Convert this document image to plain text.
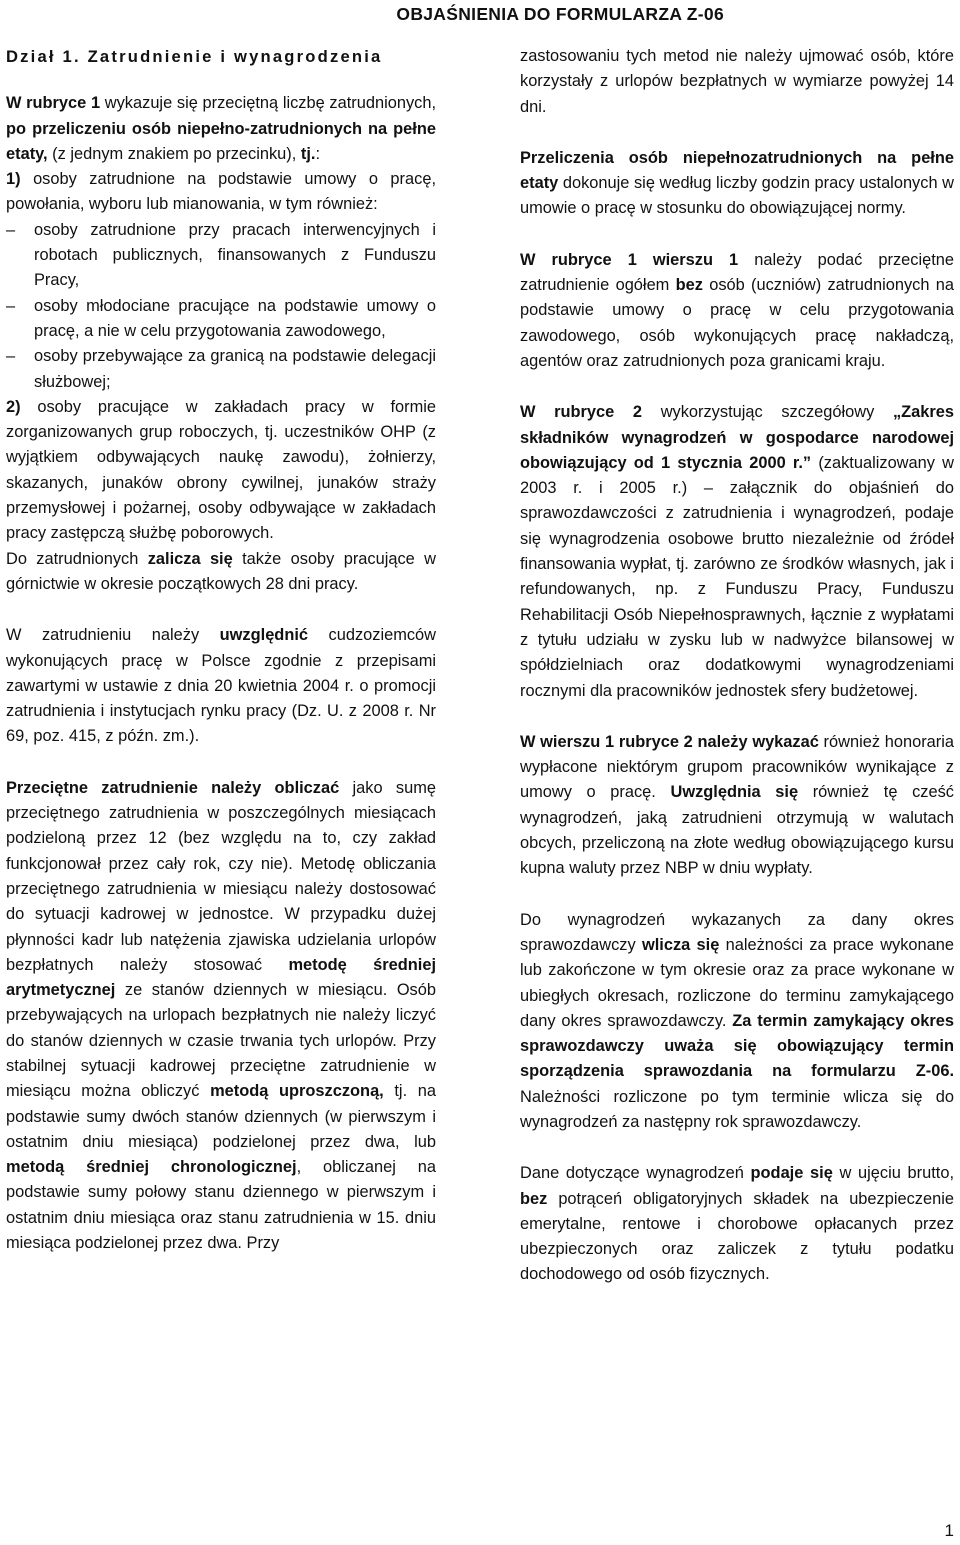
OBJAŚNIENIA DO FORMULARZA Z-06
Dział 1. Zatrudnienie i wynagrodzenia

W rubryce 1 wykazuje się przeciętną liczbę zatrudnionych, po przeliczeniu osób niepełno-zatrudnionych na pełne etaty, (z jednym znakiem po przecinku), tj.:

1) osoby zatrudnione na podstawie umowy o pracę, powołania, wyboru lub mianowania, w tym również:

– osoby zatrudnione przy pracach interwencyjnych i robotach publicznych, finansowanych z Funduszu Pracy,

– osoby młodociane pracujące na podstawie umowy o pracę, a nie w celu przygotowania zawodowego,

– osoby przebywające za granicą na podstawie delegacji służbowej;

2) osoby pracujące w zakładach pracy w formie zorganizowanych grup roboczych, tj. uczestników OHP (z wyjątkiem odbywających naukę zawodu), żołnierzy, skazanych, junaków obrony cywilnej, junaków straży przemysłowej i pożarnej, osoby odbywające w zakładach pracy zastępczą służbę poborowych.

Do zatrudnionych zalicza się także osoby pracujące w górnictwie w okresie początkowych 28 dni pracy.

W zatrudnieniu należy uwzględnić cudzoziemców wykonujących pracę w Polsce zgodnie z przepisami zawartymi w ustawie z dnia 20 kwietnia 2004 r. o promocji zatrudnienia i instytucjach rynku pracy (Dz. U. z 2008 r. Nr 69, poz. 415, z późn. zm.).

Przeciętne zatrudnienie należy obliczać jako sumę przeciętnego zatrudnienia w poszczególnych miesiącach podzieloną przez 12 (bez względu na to, czy zakład funkcjonował przez cały rok, czy nie). Metodę obliczania przeciętnego zatrudnienia w miesiącu należy dostosować do sytuacji kadrowej w jednostce. W przypadku dużej płynności kadr lub natężenia zjawiska udzielania urlopów bezpłatnych należy stosować metodę średniej arytmetycznej ze stanów dziennych w miesiącu. Osób przebywających na urlopach bezpłatnych nie należy liczyć do stanów dziennych w czasie trwania tych urlopów. Przy stabilnej sytuacji kadrowej przeciętne zatrudnienie w miesiącu można obliczyć metodą uproszczoną, tj. na podstawie sumy dwóch stanów dziennych (w pierwszym i ostatnim dniu miesiąca) podzielonej przez dwa, lub metodą średniej chronologicznej, obliczanej na podstawie sumy połowy stanu dziennego w pierwszym i ostatnim dniu miesiąca oraz stanu zatrudnienia w 15. dniu miesiąca podzielonej przez dwa. Przy

zastosowaniu tych metod nie należy ujmować osób, które korzystały z urlopów bezpłatnych w wymiarze powyżej 14 dni.

Przeliczenia osób niepełnozatrudnionych na pełne etaty dokonuje się według liczby godzin pracy ustalonych w umowie o pracę w stosunku do obowiązującej normy.

W rubryce 1 wierszu 1 należy podać przeciętne zatrudnienie ogółem bez osób (uczniów) zatrudnionych na podstawie umowy o pracę w celu przygotowania zawodowego, osób wykonujących pracę nakładczą, agentów oraz zatrudnionych poza granicami kraju.

W rubryce 2 wykorzystując szczegółowy „Zakres składników wynagrodzeń w gospodarce narodowej obowiązujący od 1 stycznia 2000 r.” (zaktualizowany w 2003 r. i 2005 r.) – załącznik do objaśnień do sprawozdawczości z zatrudnienia i wynagrodzeń, podaje się wynagrodzenia osobowe brutto niezależnie od źródeł finansowania wypłat, tj. zarówno ze środków własnych, jak i refundowanych, np. z Funduszu Pracy, Funduszu Rehabilitacji Osób Niepełnosprawnych, łącznie z wypłatami z tytułu udziału w zysku lub w nadwyżce bilansowej w spółdzielniach oraz dodatkowymi wynagrodzeniami rocznymi dla pracowników jednostek sfery budżetowej.

W wierszu 1 rubryce 2 należy wykazać również honoraria wypłacone niektórym grupom pracowników wynikające z umowy o pracę. Uwzględnia się również tę cześć wynagrodzeń, jaką zatrudnieni otrzymują w walutach obcych, przeliczoną na złote według obowiązującego kursu kupna waluty przez NBP w dniu wypłaty.

Do wynagrodzeń wykazanych za dany okres sprawozdawczy wlicza się należności za prace wykonane lub zakończone w tym okresie oraz za prace wykonane w ubiegłych okresach, rozliczone do terminu zamykającego dany okres sprawozdawczy. Za termin zamykający okres sprawozdawczy uważa się obowiązujący termin sporządzenia sprawozdania na formularzu Z-06. Należności rozliczone po tym terminie wlicza się do wynagrodzeń za następny rok sprawozdawczy.

Dane dotyczące wynagrodzeń podaje się w ujęciu brutto, bez potrąceń obligatoryjnych składek na ubezpieczenie emerytalne, rentowe i chorobowe opłacanych przez ubezpieczonych oraz zaliczek z tytułu podatku dochodowego od osób fizycznych.

1
